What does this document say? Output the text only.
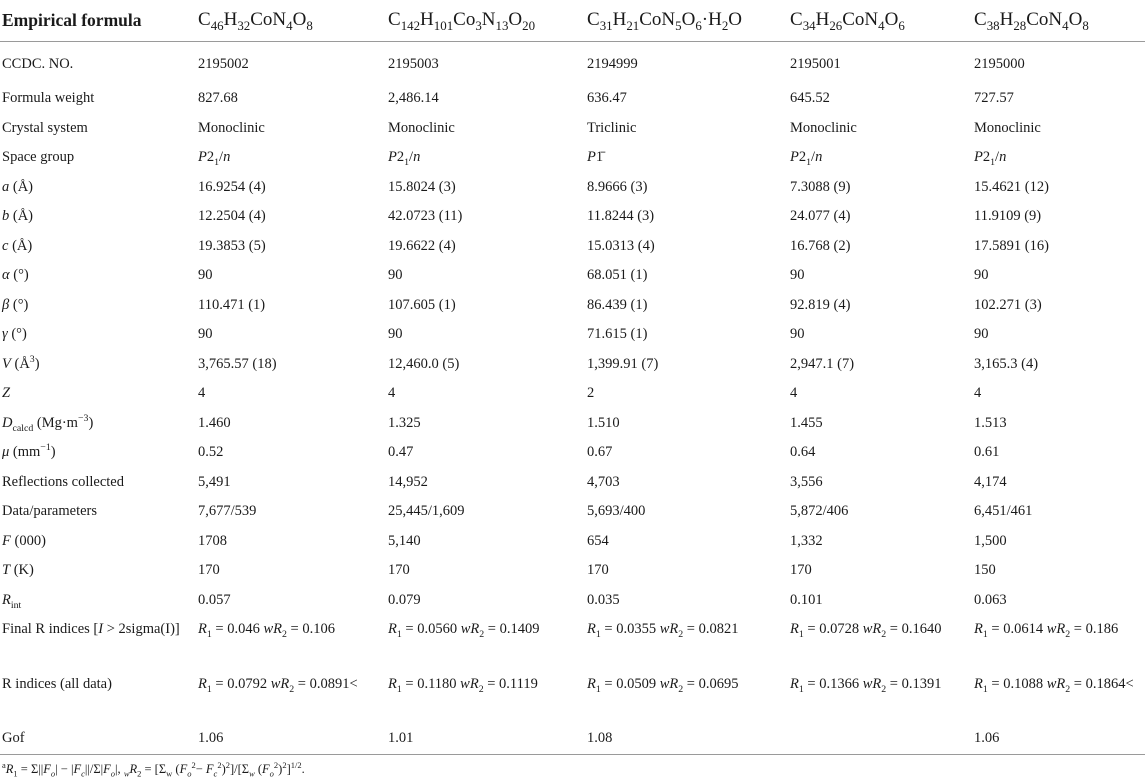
Empirical formula	$C_{46}H_{32}CoN_4O_8$	$C_{142}H_{101}Co_3N_{13}O_{20}$	$C_{31}H_{21}CoN_5O_6\cdot H_2O$	$C_{34}H_{26}CoN_4O_6$	$C_{38}H_{28}CoN_4O_8$
CCDC. NO.	2195002	2195003	2194999	2195001	2195000
Formula weight	827.68	2,486.14	636.47	645.52	727.57
Crystal system	Monoclinic	Monoclinic	Triclinic	Monoclinic	Monoclinic
Space group	$P2_1/n$	$P2_1/n$	P1̄	$P2_1/n$	$P2_1/n$
a (Å)	16.9254 (4)	15.8024 (3)	8.9666 (3)	7.3088 (9)	15.4621 (12)
b (Å)	12.2504 (4)	42.0723 (11)	11.8244 (3)	24.077 (4)	11.9109 (9)
c (Å)	19.3853 (5)	19.6622 (4)	15.0313 (4)	16.768 (2)	17.5891 (16)
α (°)	90	90	68.051 (1)	90	90
β (°)	110.471 (1)	107.605 (1)	86.439 (1)	92.819 (4)	102.271 (3)
γ (°)	90	90	71.615 (1)	90	90
V $(Å^3)$	3,765.57 (18)	12,460.0 (5)	1,399.91 (7)	2,947.1 (7)	3,165.3 (4)
Z	4	4	2	4	4
$D_{calcd}$ $(Mg\cdot m^{-3})$	1.460	1.325	1.510	1.455	1.513
μ $(mm^{-1})$	0.52	0.47	0.67	0.64	0.61
Reflections collected	5,491	14,952	4,703	3,556	4,174
Data/parameters	7,677/539	25,445/1,609	5,693/400	5,872/406	6,451/461
F (000)	1708	5,140	654	1,332	1,500
T (K)	170	170	170	170	150
$R_{int}$	0.057	0.079	0.035	0.101	0.063
Final R indices [I > 2sigma(I)]	$R_1 = 0.046$ $wR_2 = 0.106$	$R_1 = 0.0560$ $wR_2 = 0.1409$	$R_1 = 0.0355$ $wR_2 = 0.0821$	$R_1 = 0.0728$ $wR_2 = 0.1640$	$R_1 = 0.0614$ $wR_2 = 0.186$
R indices (all data)	$R_1 = 0.0792$ $wR_2 = 0.0891<$	$R_1 = 0.1180$ $wR_2 = 0.1119$	$R_1 = 0.0509$ $wR_2 = 0.0695$	$R_1 = 0.1366$ $wR_2 = 0.1391$	$R_1 = 0.1088$ $wR_2 = 0.1864<$
Gof	1.06	1.01	1.08		1.06
$^aR_1 = \Sigma||F_o| - |F_c||/\Sigma|F_o|$, $_wR_2 = [\Sigma_w$ $(F_o^2- F_c^2)^2]/[\Sigma_w$ $(F_o^2)^2]^{1/2}$.
